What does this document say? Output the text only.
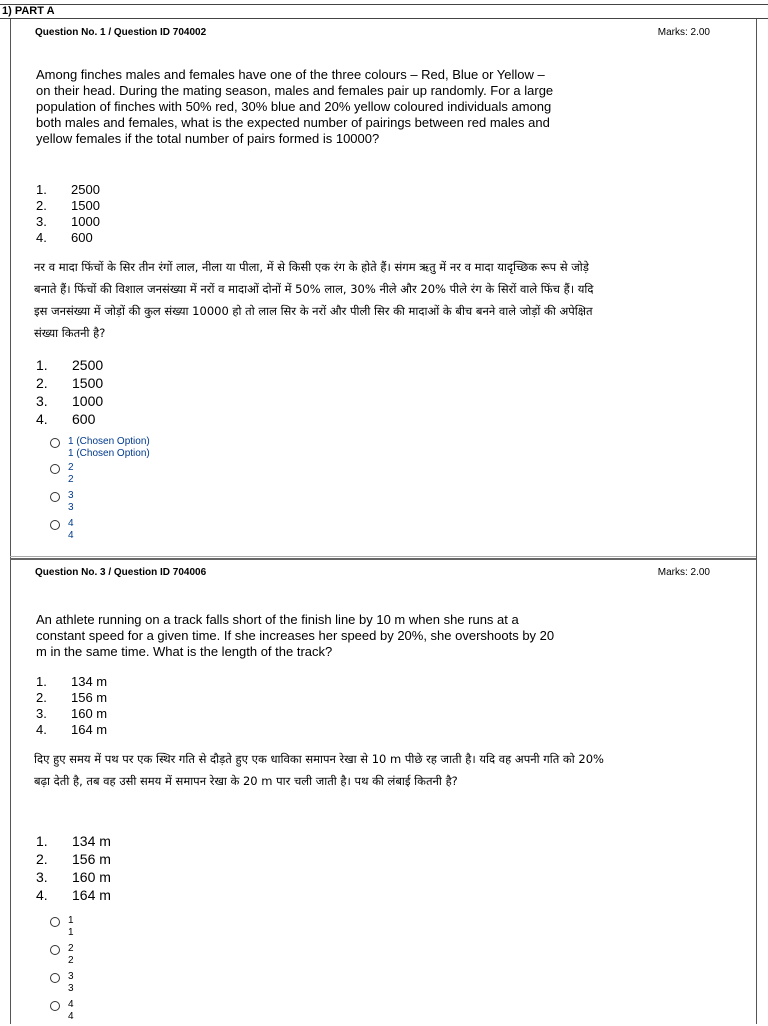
1) PART A
Question No. 1 / Question ID 704002	Marks: 2.00
Among finches males and females have one of the three colours – Red, Blue or Yellow – on their head. During the mating season, males and females pair up randomly. For a large population of finches with 50% red, 30% blue and 20% yellow coloured individuals among both males and females, what is the expected number of pairings between red males and yellow females if the total number of pairs formed is 10000?
1. 2500
2. 1500
3. 1000
4. 600
नर व मादा फिंचों के सिर तीन रंगों लाल, नीला या पीला, में से किसी एक रंग के होते हैं। संगम ऋतु में नर व मादा यादृच्छिक रूप से जोड़े बनाते हैं। फिंचों की विशाल जनसंख्या में नरों व मादाओं दोनों में 50% लाल, 30% नीले और 20% पीले रंग के सिरों वाले फिंच हैं। यदि इस जनसंख्या में जोड़ों की कुल संख्या 10000 हो तो लाल सिर के नरों और पीली सिर की मादाओं के बीच बनने वाले जोड़ों की अपेक्षित संख्या कितनी है?
1. 2500
2. 1500
3. 1000
4. 600
1 (Chosen Option)
1 (Chosen Option)
2
2
3
3
4
4
Question No. 3 / Question ID 704006	Marks: 2.00
An athlete running on a track falls short of the finish line by 10 m when she runs at a constant speed for a given time. If she increases her speed by 20%, she overshoots by 20 m in the same time. What is the length of the track?
1. 134 m
2. 156 m
3. 160 m
4. 164 m
दिए हुए समय में पथ पर एक स्थिर गति से दौड़ते हुए एक धाविका समापन रेखा से 10 m पीछे रह जाती है। यदि वह अपनी गति को 20% बढ़ा देती है, तब वह उसी समय में समापन रेखा के 20 m पार चली जाती है। पथ की लंबाई कितनी है?
1. 134 m
2. 156 m
3. 160 m
4. 164 m
1
1
2
2
3
3
4
4
